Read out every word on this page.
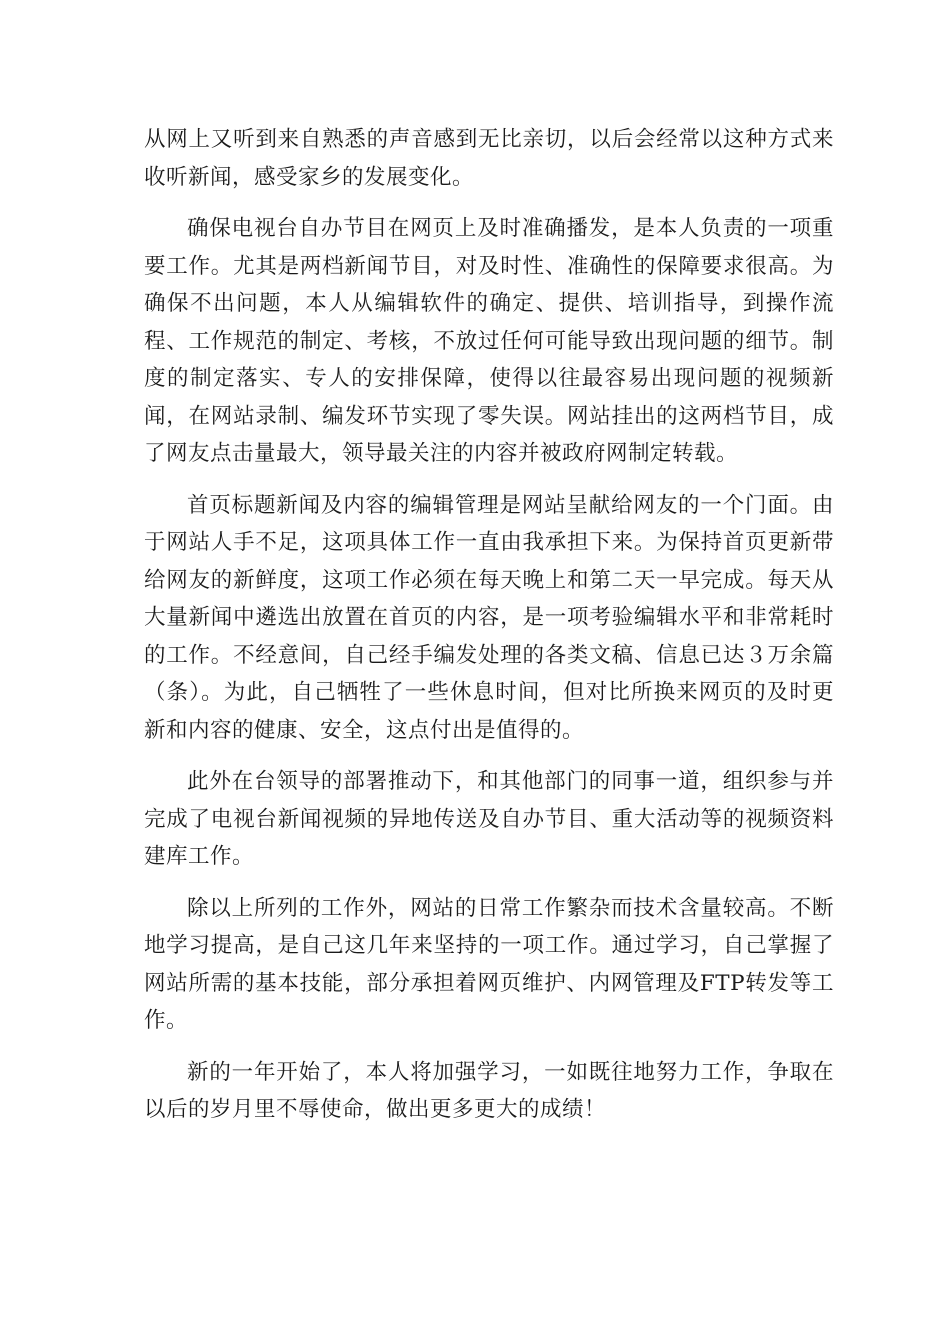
从网上又听到来自熟悉的声音感到无比亲切，以后会经常以这种方式来收听新闻，感受家乡的发展变化。

确保电视台自办节目在网页上及时准确播发，是本人负责的一项重要工作。尤其是两档新闻节目，对及时性、准确性的保障要求很高。为确保不出问题，本人从编辑软件的确定、提供、培训指导，到操作流程、工作规范的制定、考核，不放过任何可能导致出现问题的细节。制度的制定落实、专人的安排保障，使得以往最容易出现问题的视频新闻，在网站录制、编发环节实现了零失误。网站挂出的这两档节目，成了网友点击量最大，领导最关注的内容并被政府网制定转载。

首页标题新闻及内容的编辑管理是网站呈献给网友的一个门面。由于网站人手不足，这项具体工作一直由我承担下来。为保持首页更新带给网友的新鲜度，这项工作必须在每天晚上和第二天一早完成。每天从大量新闻中遴选出放置在首页的内容，是一项考验编辑水平和非常耗时的工作。不经意间，自己经手编发处理的各类文稿、信息已达３万余篇（条）。为此，自己牺牲了一些休息时间，但对比所换来网页的及时更新和内容的健康、安全，这点付出是值得的。

此外在台领导的部署推动下，和其他部门的同事一道，组织参与并完成了电视台新闻视频的异地传送及自办节目、重大活动等的视频资料建库工作。

除以上所列的工作外，网站的日常工作繁杂而技术含量较高。不断地学习提高，是自己这几年来坚持的一项工作。通过学习，自己掌握了网站所需的基本技能，部分承担着网页维护、内网管理及FTP转发等工作。

新的一年开始了，本人将加强学习，一如既往地努力工作，争取在以后的岁月里不辱使命，做出更多更大的成绩！
